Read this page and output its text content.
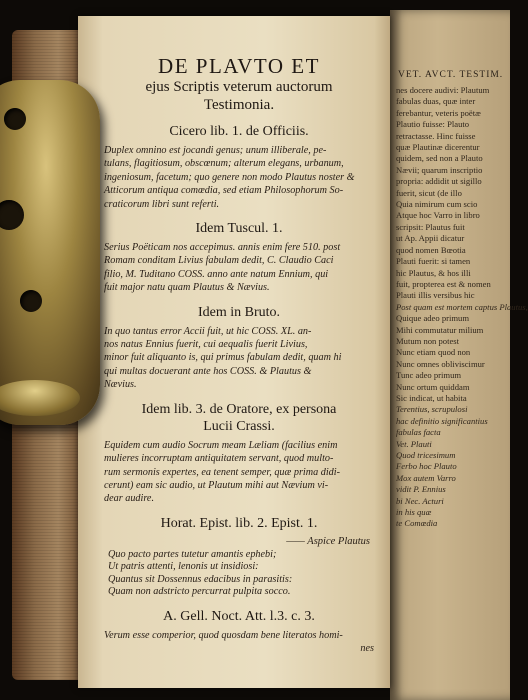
VET. AVCT. TESTIM.
nes docere audivi: Plautum
fabulas duas, quæ inter
ferebantur, veteris poëtæ
Plautio fuisse: Plauto
retractasse. Hinc fuisse
quæ Plautinæ dicerentur
quidem, sed non a Plauto
Nævii; quarum inscriptio
propria: addidit ut sigillo
fuerit, sicut (de illo
Quia nimirum cum scio
Atque hoc Varro in libro
scripsit: Plautus fuit
ut Ap. Appii dicatur
quod nomen Bœotia
Plauti fuerit: si tamen
hic Plautus, & hos illi
fuit, propterea est & nomen
Plauti illis versibus hic
Post quam est mortem captus Plautus,
Quique adeo primum
Mihi commutatur milium
Mutum non potest
Nunc etiam quod non
Nunc omnes obliviscimur
Tunc adeo primum
Nunc ortum quiddam
Sic indicat, ut habita
Terentius, scrupulosi
hac definitio significantius
fabulas facta
Vet. Plauti
Quod tricesimum
Ferbo hoc Plauto
Mox autem Varro
vidit P. Ennius
bi Nec. Acturi
in his quæ
te Comœdia
DE PLAVTO ET
ejus Scriptis veterum auctorum
Testimonia.
Cicero lib. 1. de Officiis.
Duplex omnino est jocandi genus; unum illiberale, pe-
tulans, flagitiosum, obscœnum; alterum elegans, urbanum,
ingeniosum, facetum; quo genere non modo Plautus noster &
Atticorum antiqua comœdia, sed etiam Philosophorum So-
craticorum libri sunt referti.
Idem Tuscul. 1.
Serius Poëticam nos accepimus. annis enim fere 510. post
Romam conditam Livius fabulam dedit, C. Claudio Caci
filio, M. Tuditano COSS. anno ante natum Ennium, qui
fuit major natu quam Plautus & Nævius.
Idem in Bruto.
In quo tantus error Accii fuit, ut hic COSS. XL. an-
nos natus Ennius fuerit, cui aequalis fuerit Livius,
minor fuit aliquanto is, qui primus fabulam dedit, quam hi
qui multas docuerant ante hos COSS. & Plautus &
Nævius.
Idem lib. 3. de Oratore, ex persona
Lucii Crassi.
Equidem cum audio Socrum meam Læliam (facilius enim
mulieres incorruptam antiquitatem servant, quod multo-
rum sermonis expertes, ea tenent semper, quæ prima didi-
cerunt) eam sic audio, ut Plautum mihi aut Nævium vi-
dear audire.
Horat. Epist. lib. 2. Epist. 1.
—— Aspice Plautus
Quo pacto partes tutetur amantis ephebi;
Ut patris attenti, lenonis ut insidiosi:
Quantus sit Dossennus edacibus in parasitis:
Quam non adstricto percurrat pulpita socco.
A. Gell. Noct. Att. l.3. c. 3.
Verum esse comperior, quod quosdam bene literatos homi-
nes
